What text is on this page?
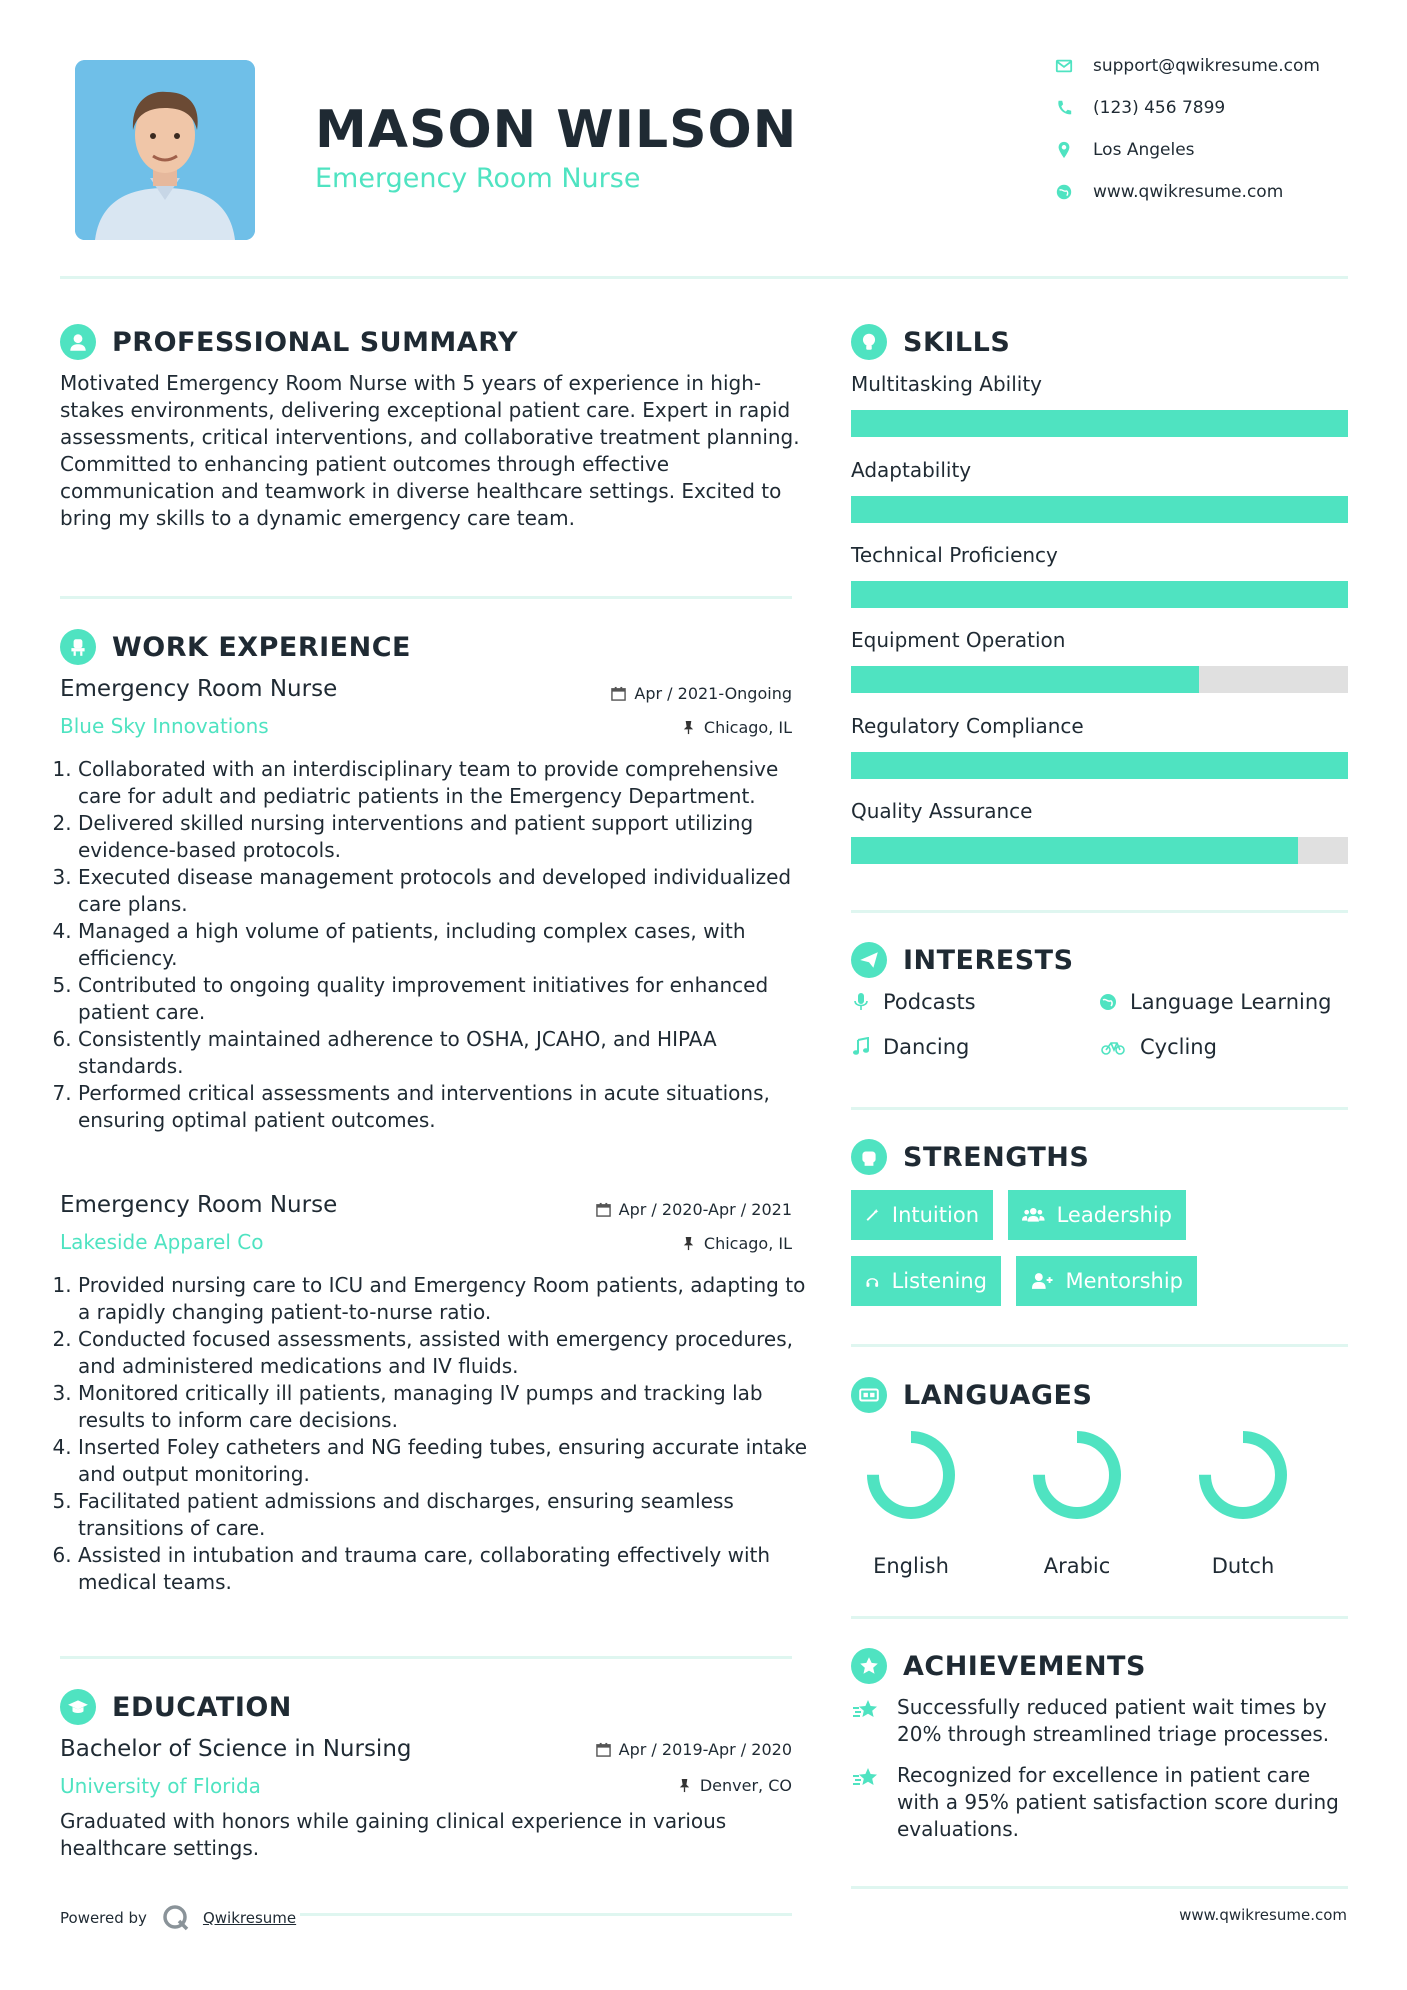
MASON WILSON
Emergency Room Nurse
support@qwikresume.com
(123) 456 7899
Los Angeles
www.qwikresume.com
PROFESSIONAL SUMMARY
Motivated Emergency Room Nurse with 5 years of experience in high-stakes environments, delivering exceptional patient care. Expert in rapid assessments, critical interventions, and collaborative treatment planning. Committed to enhancing patient outcomes through effective communication and teamwork in diverse healthcare settings. Excited to bring my skills to a dynamic emergency care team.
WORK EXPERIENCE
Emergency Room Nurse	Apr / 2021-Ongoing
Blue Sky Innovations	Chicago, IL
1. Collaborated with an interdisciplinary team to provide comprehensive care for adult and pediatric patients in the Emergency Department.
2. Delivered skilled nursing interventions and patient support utilizing evidence-based protocols.
3. Executed disease management protocols and developed individualized care plans.
4. Managed a high volume of patients, including complex cases, with efficiency.
5. Contributed to ongoing quality improvement initiatives for enhanced patient care.
6. Consistently maintained adherence to OSHA, JCAHO, and HIPAA standards.
7. Performed critical assessments and interventions in acute situations, ensuring optimal patient outcomes.
Emergency Room Nurse	Apr / 2020-Apr / 2021
Lakeside Apparel Co	Chicago, IL
1. Provided nursing care to ICU and Emergency Room patients, adapting to a rapidly changing patient-to-nurse ratio.
2. Conducted focused assessments, assisted with emergency procedures, and administered medications and IV fluids.
3. Monitored critically ill patients, managing IV pumps and tracking lab results to inform care decisions.
4. Inserted Foley catheters and NG feeding tubes, ensuring accurate intake and output monitoring.
5. Facilitated patient admissions and discharges, ensuring seamless transitions of care.
6. Assisted in intubation and trauma care, collaborating effectively with medical teams.
EDUCATION
Bachelor of Science in Nursing	Apr / 2019-Apr / 2020
University of Florida	Denver, CO
Graduated with honors while gaining clinical experience in various healthcare settings.
SKILLS
Multitasking Ability
Adaptability
Technical Proficiency
Equipment Operation
Regulatory Compliance
Quality Assurance
INTERESTS
Podcasts	Language Learning
Dancing	Cycling
STRENGTHS
Intuition	Leadership
Listening	Mentorship
LANGUAGES
English	Arabic	Dutch
ACHIEVEMENTS
Successfully reduced patient wait times by 20% through streamlined triage processes.
Recognized for excellence in patient care with a 95% patient satisfaction score during evaluations.
Powered by	Qwikresume	www.qwikresume.com
